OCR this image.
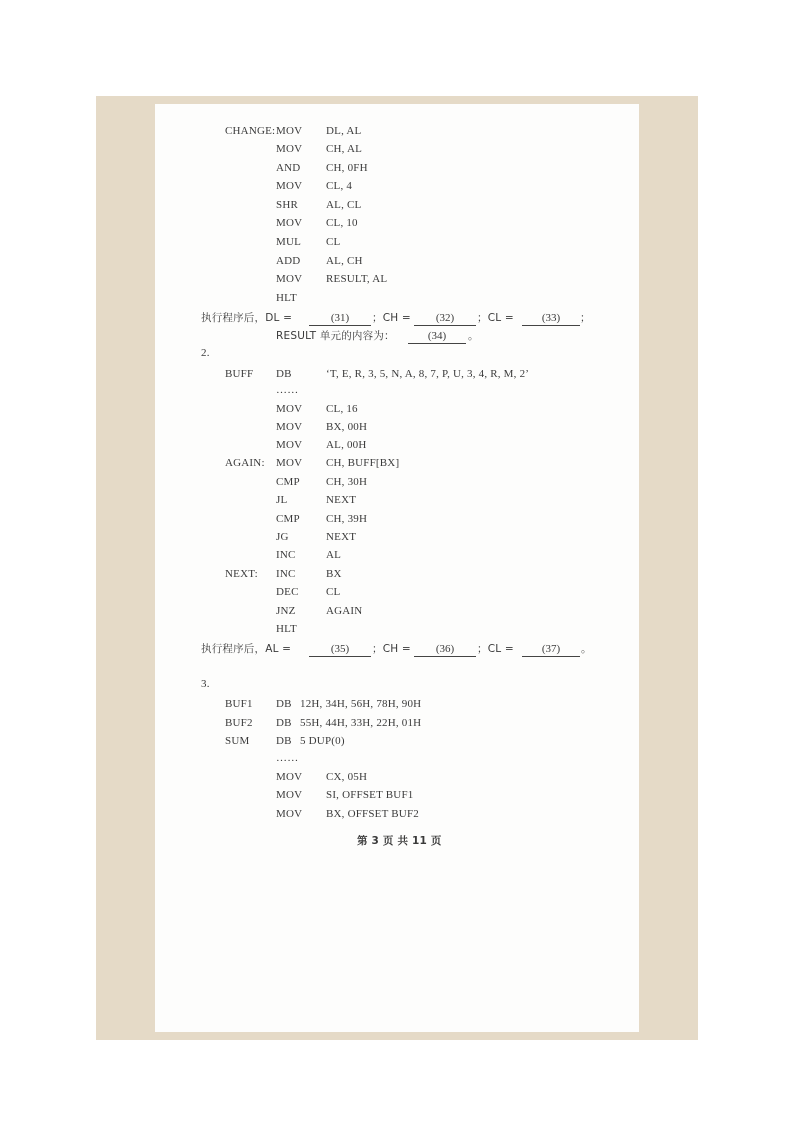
CHANGE: MOV DL, AL
MOV CH, AL
AND CH, 0FH
MOV CL, 4
SHR	AL, CL
MOV CL, 10
MUL CL
ADD AL, CH
MOV RESULT, AL
HLT
执行程序后，DL =	(31)	；CH =	(32)	；CL =	(33)	；
RESULT 单元的内容为：	(34)	。
2.
BUFF DB	‘T, E, R, 3, 5, N, A, 8, 7, P, U, 3, 4, R, M, 2’
……
MOV CL, 16
MOV BX, 00H
MOV AL, 00H
AGAIN: MOV CH, BUFF[BX]
CMP CH, 30H
JL	NEXT
CMP CH, 39H
JG	NEXT
INC	AL
NEXT: INC	BX
DEC CL
JNZ	AGAIN
HLT
执行程序后，AL =	(35)	；CH =	(36)	；CL =	(37)	。
3.
BUF1 DB 12H, 34H, 56H, 78H, 90H
BUF2 DB 55H, 44H, 33H, 22H, 01H
SUM DB 5 DUP(0)
……
MOV CX, 05H
MOV SI, OFFSET BUF1
MOV BX, OFFSET BUF2
第 3 页 共 11 页
